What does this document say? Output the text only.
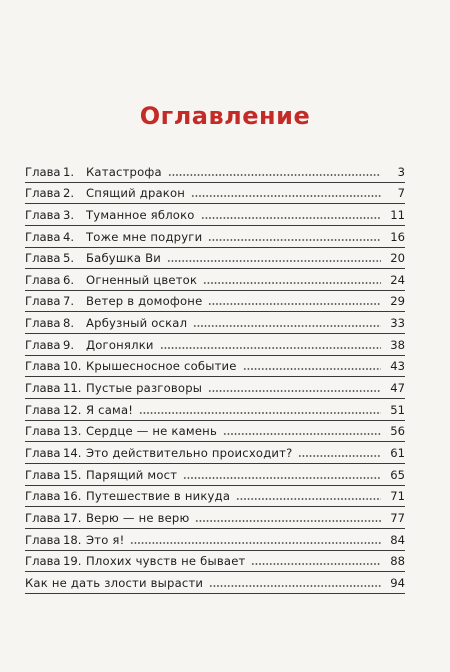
Оглавление
Глава 1.	Катастрофа	3
Глава 2.	Спящий дракон	7
Глава 3.	Туманное яблоко	11
Глава 4.	Тоже мне подруги	16
Глава 5.	Бабушка Ви	20
Глава 6.	Огненный цветок	24
Глава 7.	Ветер в домофоне	29
Глава 8.	Арбузный оскал	33
Глава 9.	Догонялки	38
Глава 10. Крышесносное событие	43
Глава 11. Пустые разговоры	47
Глава 12. Я сама!	51
Глава 13. Сердце — не камень	56
Глава 14. Это действительно происходит?	61
Глава 15. Парящий мост	65
Глава 16. Путешествие в никуда	71
Глава 17. Верю — не верю	77
Глава 18. Это я!	84
Глава 19. Плохих чувств не бывает	88
Как не дать злости вырасти	94
